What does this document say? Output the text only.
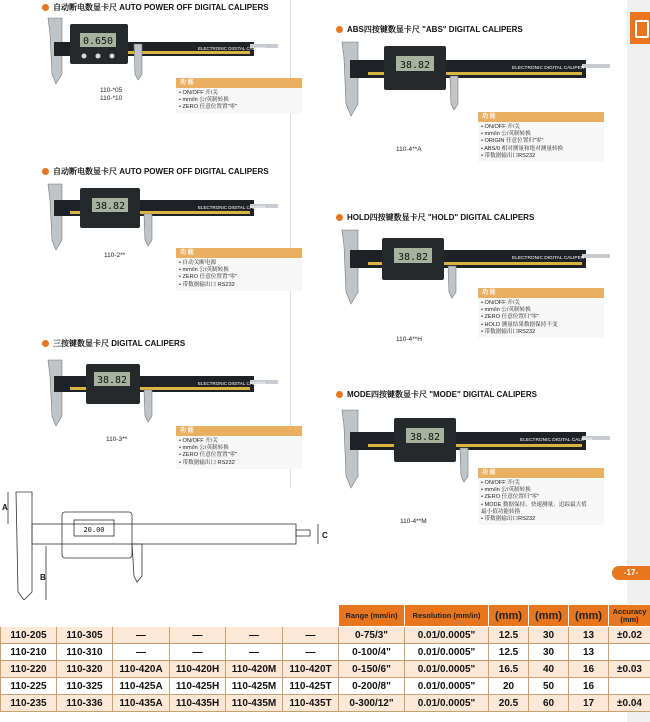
自动断电数显卡尺 AUTO POWER OFF DIGITAL CALIPERS
0.650
ELECTRONIC DIGITAL CALIPER
110-*05
110-*10
功 能
• ON/OFF 开/关
• mm/in 公/英制转换
• ZERO 任意位置置"零"
自动断电数显卡尺 AUTO POWER OFF DIGITAL CALIPERS
38.82	ELECTRONIC DIGITAL CALIPER
110-2**	功 能
• 自动关断电源
• mm/in 公/英制转换
• ZERO 任意位置置"零"
• 带数据输出口 RS232
三按键数显卡尺 DIGITAL CALIPERS
38.82	ELECTRONIC DIGITAL CALIPER
110-3**
功 能
• ON/OFF 开/关
• mm/in 公/英制转换
• ZERO 任意位置置"零"
• 带数据输出口 RS232
ABS四按键数显卡尺 "ABS" DIGITAL CALIPERS
38.82	ELECTRONIC DIGITAL CALIPER
110-4**A
功 能
• ON/OFF 开/关
• mm/in 公/英制转换
• ORIGIN 任意位置归"零"
• ABS/0 相对测量和绝对测量转换
• 带数据输出口RS232
HOLD四按键数显卡尺 "HOLD" DIGITAL CALIPERS
38.82	ELECTRONIC DIGITAL CALIPER
110-4**H
功 能
• ON/OFF 开/关
• mm/in 公/英制转换
• ZERO 任意位置归"零"
• HOLD 测量结果数据保持不变
• 带数据输出口RS232
MODE四按键数显卡尺 "MODE" DIGITAL CALIPERS
38.82	ELECTRONIC DIGITAL CALIPER
110-4**M
功 能
• ON/OFF 开/关
• mm/in 公/英制转换
• ZERO 任意位置归"零"
• MODE 数据保持、快速测量、追踪最大值
最小值功能转换
• 带数据输出口RS232
-17-
20.00
A
B
C
						Range (mm/in)	Resolution (mm/in)	(mm)	(mm)	(mm)	Accuracy (mm)
110-205	110-305	—	—	—	—	0-75/3"	0.01/0.0005"	12.5	30	13	±0.02
110-210	110-310	—	—	—	—	0-100/4"	0.01/0.0005"	12.5	30	13	
110-220	110-320	110-420A	110-420H	110-420M	110-420T	0-150/6"	0.01/0.0005"	16.5	40	16	±0.03
110-225	110-325	110-425A	110-425H	110-425M	110-425T	0-200/8"	0.01/0.0005"	20	50	16	
110-235	110-336	110-435A	110-435H	110-435M	110-435T	0-300/12"	0.01/0.0005"	20.5	60	17	±0.04
